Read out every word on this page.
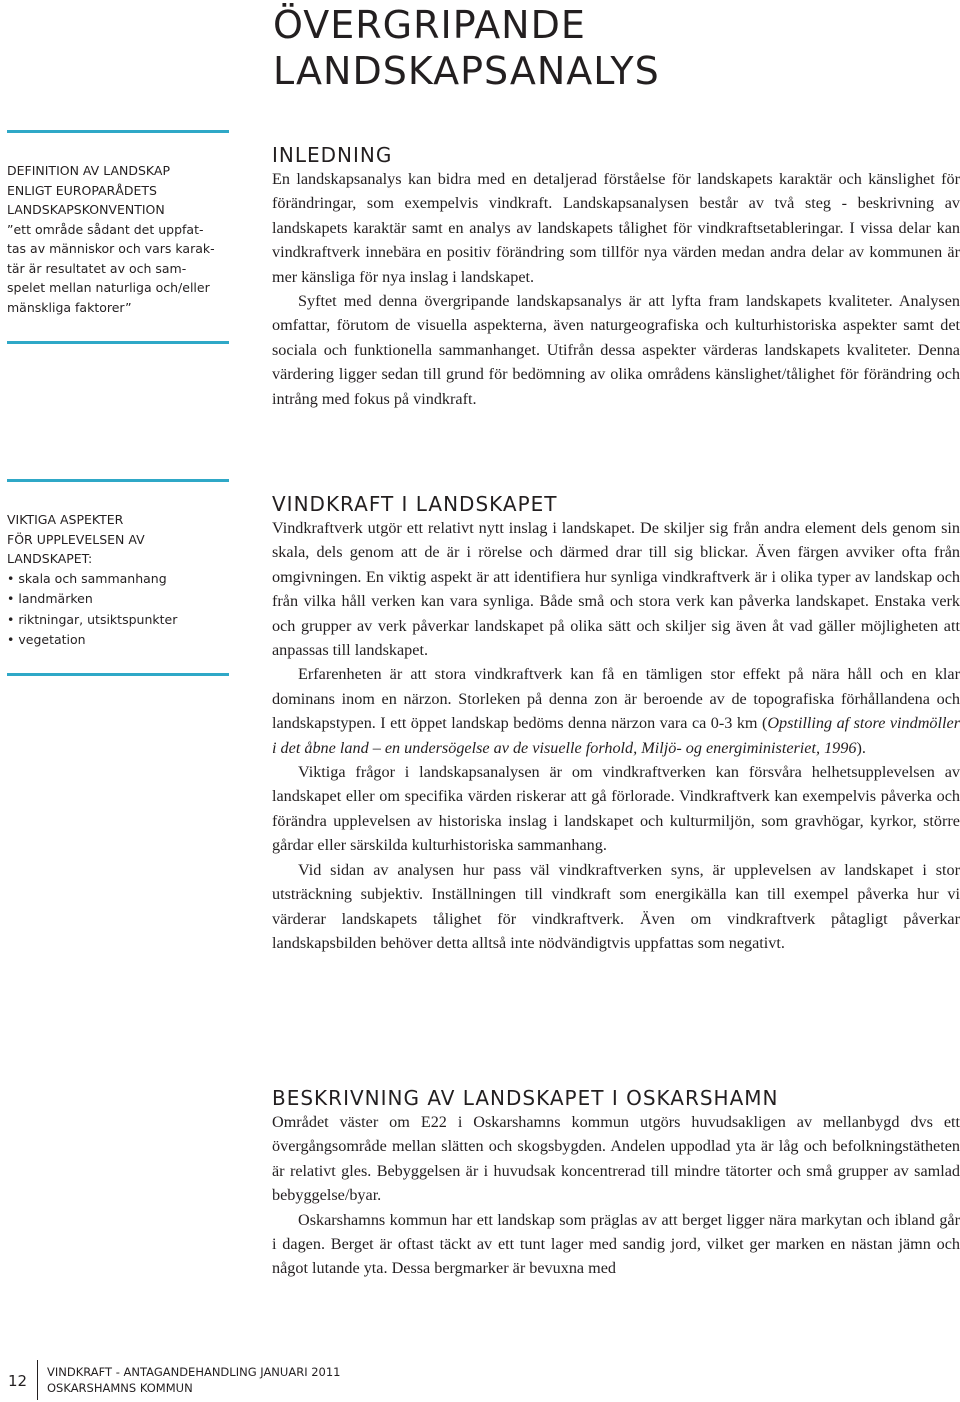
ÖVERGRIPANDE
LANDSKAPSANALYS
DEFINITION AV LANDSKAP
ENLIGT EUROPARÅDETS
LANDSKAPSKONVENTION
”ett område sådant det uppfat-
tas av människor och vars karak-
tär är resultatet av och sam-
spelet mellan naturliga och/eller
mänskliga faktorer”
VIKTIGA ASPEKTER
FÖR UPPLEVELSEN AV
LANDSKAPET:
• skala och sammanhang
• landmärken
• riktningar, utsiktspunkter
• vegetation
INLEDNING

En landskapsanalys kan bidra med en detaljerad förståelse för landskapets karaktär och känslighet för förändringar, som exempelvis vindkraft. Landskapsanalysen består av två steg - beskrivning av landskapets karaktär samt en analys av landskapets tålighet för vindkraftsetableringar. I vissa delar kan vindkraftverk innebära en positiv förändring som tillför nya värden medan andra delar av kommunen är mer känsliga för nya inslag i landskapet.

Syftet med denna övergripande landskapsanalys är att lyfta fram landskapets kvaliteter. Analysen omfattar, förutom de visuella aspekterna, även naturgeografiska och kulturhistoriska aspekter samt det sociala och funktionella sammanhanget. Utifrån dessa aspekter värderas landskapets kvaliteter. Denna värdering ligger sedan till grund för bedömning av olika områdens känslighet/tålighet för förändring och intrång med fokus på vindkraft.

VINDKRAFT I LANDSKAPET

Vindkraftverk utgör ett relativt nytt inslag i landskapet. De skiljer sig från andra element dels genom sin skala, dels genom att de är i rörelse och därmed drar till sig blickar. Även färgen avviker ofta från omgivningen. En viktig aspekt är att identifiera hur synliga vindkraftverk är i olika typer av landskap och från vilka håll verken kan vara synliga. Både små och stora verk kan påverka landskapet. Enstaka verk och grupper av verk påverkar landskapet på olika sätt och skiljer sig även åt vad gäller möjligheten att anpassas till landskapet.

Erfarenheten är att stora vindkraftverk kan få en tämligen stor effekt på nära håll och en klar dominans inom en närzon. Storleken på denna zon är beroende av de topografiska förhållandena och landskapstypen. I ett öppet landskap bedöms denna närzon vara ca 0-3 km (Opstilling af store vindmöller i det åbne land – en undersögelse av de visuelle forhold, Miljö- og energiministeriet, 1996).

Viktiga frågor i landskapsanalysen är om vindkraftverken kan försvåra helhetsupplevelsen av landskapet eller om specifika värden riskerar att gå förlorade. Vindkraftverk kan exempelvis påverka och förändra upplevelsen av historiska inslag i landskapet och kulturmiljön, som gravhögar, kyrkor, större gårdar eller särskilda kulturhistoriska sammanhang.

Vid sidan av analysen hur pass väl vindkraftverken syns, är upplevelsen av landskapet i stor utsträckning subjektiv. Inställningen till vindkraft som energikälla kan till exempel påverka hur vi värderar landskapets tålighet för vindkraftverk. Även om vindkraftverk påtagligt påverkar landskapsbilden behöver detta alltså inte nödvändigtvis uppfattas som negativt.

BESKRIVNING AV LANDSKAPET I OSKARSHAMN

Området väster om E22 i Oskarshamns kommun utgörs huvudsakligen av mellanbygd dvs ett övergångsområde mellan slätten och skogsbygden. Andelen uppodlad yta är låg och befolkningstätheten är relativt gles. Bebyggelsen är i huvudsak koncentrerad till mindre tätorter och små grupper av samlad bebyggelse/byar.

Oskarshamns kommun har ett landskap som präglas av att berget ligger nära markytan och ibland går i dagen. Berget är oftast täckt av ett tunt lager med sandig jord, vilket ger marken en nästan jämn och något lutande yta. Dessa bergmarker är bevuxna med

12 VINDKRAFT - ANTAGANDEHANDLING JANUARI 2011
OSKARSHAMNS KOMMUN
